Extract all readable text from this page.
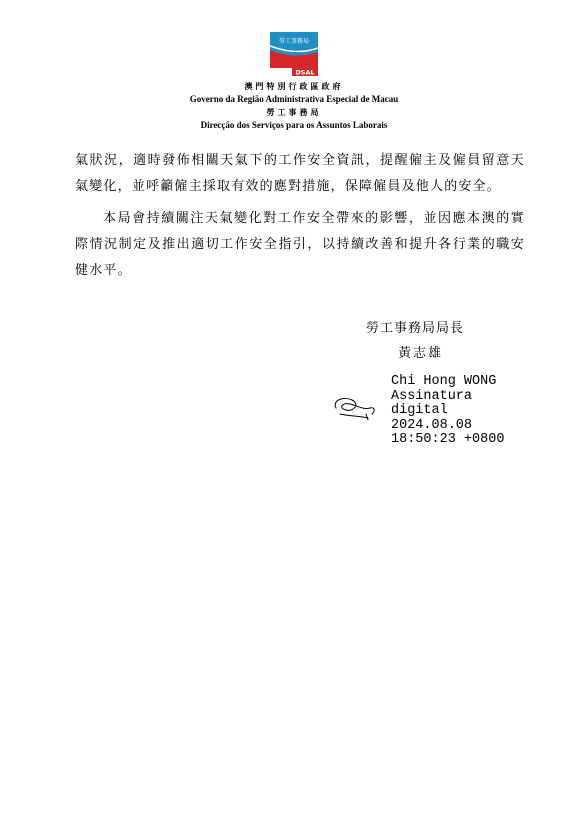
勞工事務局
DSAL
澳門特別行政區政府
Governo da Região Administrativa Especial de Macau
勞工事務局
Direcção dos Serviços para os Assuntos Laborais

氣狀況，適時發佈相關天氣下的工作安全資訊，提醒僱主及僱員留意天氣變化，並呼籲僱主採取有效的應對措施，保障僱員及他人的安全。

本局會持續關注天氣變化對工作安全帶來的影響，並因應本澳的實際情況制定及推出適切工作安全指引，以持續改善和提升各行業的職安健水平。

勞工事務局局長
黃志雄
Chi Hong WONG
Assinatura
digital
2024.08.08
18:50:23 +0800
